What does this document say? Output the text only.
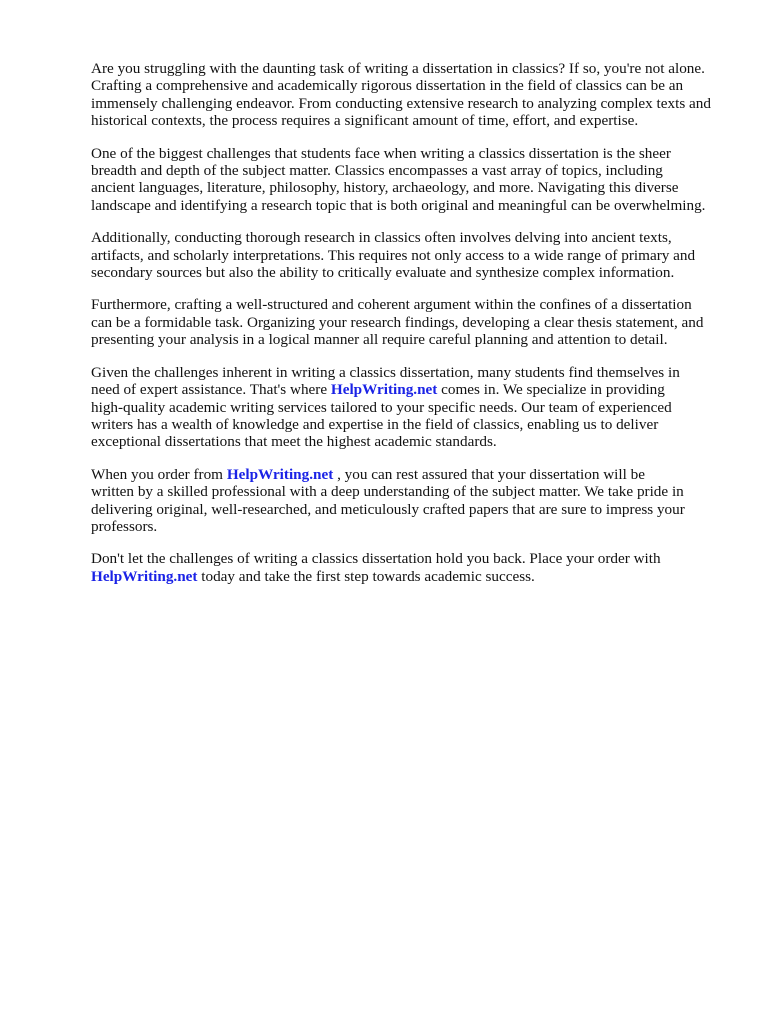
Are you struggling with the daunting task of writing a dissertation in classics? If so, you're not alone.
Crafting a comprehensive and academically rigorous dissertation in the field of classics can be an
immensely challenging endeavor. From conducting extensive research to analyzing complex texts and
historical contexts, the process requires a significant amount of time, effort, and expertise.

One of the biggest challenges that students face when writing a classics dissertation is the sheer
breadth and depth of the subject matter. Classics encompasses a vast array of topics, including
ancient languages, literature, philosophy, history, archaeology, and more. Navigating this diverse
landscape and identifying a research topic that is both original and meaningful can be overwhelming.

Additionally, conducting thorough research in classics often involves delving into ancient texts,
artifacts, and scholarly interpretations. This requires not only access to a wide range of primary and
secondary sources but also the ability to critically evaluate and synthesize complex information.

Furthermore, crafting a well-structured and coherent argument within the confines of a dissertation
can be a formidable task. Organizing your research findings, developing a clear thesis statement, and
presenting your analysis in a logical manner all require careful planning and attention to detail.

Given the challenges inherent in writing a classics dissertation, many students find themselves in
need of expert assistance. That's where HelpWriting.net comes in. We specialize in providing
high-quality academic writing services tailored to your specific needs. Our team of experienced
writers has a wealth of knowledge and expertise in the field of classics, enabling us to deliver
exceptional dissertations that meet the highest academic standards.

When you order from HelpWriting.net , you can rest assured that your dissertation will be
written by a skilled professional with a deep understanding of the subject matter. We take pride in
delivering original, well-researched, and meticulously crafted papers that are sure to impress your
professors.

Don't let the challenges of writing a classics dissertation hold you back. Place your order with
HelpWriting.net today and take the first step towards academic success.
